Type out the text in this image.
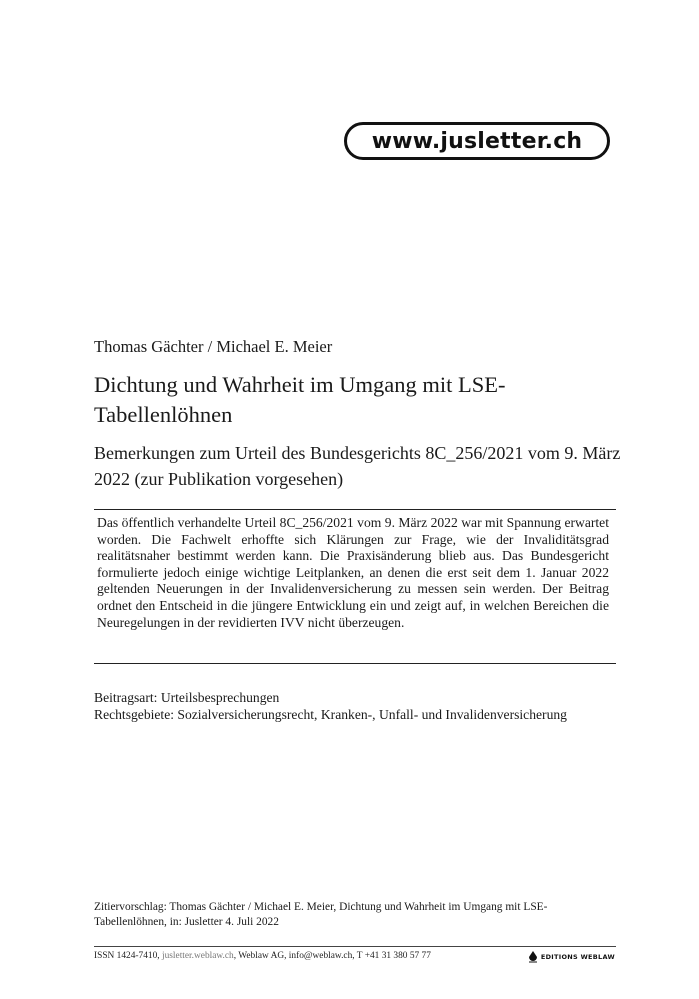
www.jusletter.ch
Thomas Gächter / Michael E. Meier
Dichtung und Wahrheit im Umgang mit LSE-Tabellenlöhnen
Bemerkungen zum Urteil des Bundesgerichts 8C_256/2021 vom 9. März 2022 (zur Publikation vorgesehen)
Das öffentlich verhandelte Urteil 8C_256/2021 vom 9. März 2022 war mit Spannung erwartet worden. Die Fachwelt erhoffte sich Klärungen zur Frage, wie der Invaliditätsgrad realitätsnaher bestimmt werden kann. Die Praxisänderung blieb aus. Das Bundesgericht formulierte jedoch einige wichtige Leitplanken, an denen die erst seit dem 1. Januar 2022 geltenden Neuerungen in der Invalidenversicherung zu messen sein werden. Der Beitrag ordnet den Entscheid in die jüngere Entwicklung ein und zeigt auf, in welchen Bereichen die Neuregelungen in der revidierten IVV nicht überzeugen.
Beitragsart: Urteilsbesprechungen
Rechtsgebiete: Sozialversicherungsrecht, Kranken-, Unfall- und Invalidenversicherung
Zitiervorschlag: Thomas Gächter / Michael E. Meier, Dichtung und Wahrheit im Umgang mit LSE-Tabellenlöhnen, in: Jusletter 4. Juli 2022
ISSN 1424-7410, jusletter.weblaw.ch, Weblaw AG, info@weblaw.ch, T +41 31 380 57 77	EDITIONS WEBLAW
